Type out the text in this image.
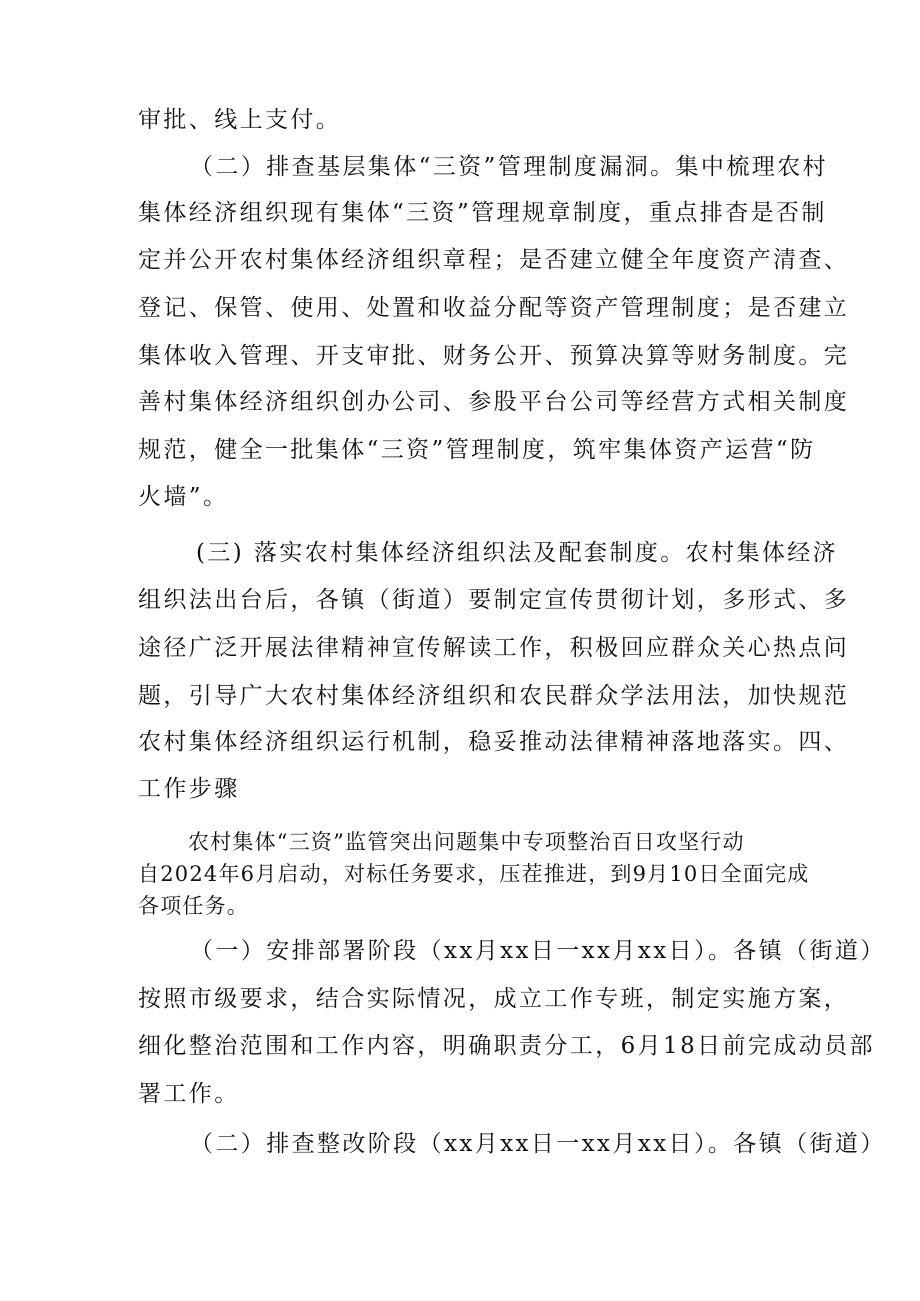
审批、线上支付。

（二）排查基层集体“三资”管理制度漏洞。集中梳理农村

集体经济组织现有集体“三资”管理规章制度，重点排杳是否制

定并公开农村集体经济组织章程；是否建立健全年度资产清查、

登记、保管、使用、处置和收益分配等资产管理制度；是否建立

集体收入管理、开支审批、财务公开、预算决算等财务制度。完

善村集体经济组织创办公司、参股平台公司等经营方式相关制度

规范，健全一批集体“三资”管理制度，筑牢集体资产运营“防

火墙”。

(三) 落实农村集体经济组织法及配套制度。农村集体经济

组织法出台后，各镇（街道）要制定宣传贯彻计划，多形式、多

途径广泛开展法律精神宣传解读工作，积极回应群众关心热点问

题，引导广大农村集体经济组织和农民群众学法用法，加快规范

农村集体经济组织运行机制，稳妥推动法律精神落地落实。四、

工作步骤

农村集体“三资”监管突出问题集中专项整治百日攻坚行动

自2024年6月启动，对标任务要求，压茬推进，到9月10日全面完成

各项任务。

（一）安排部署阶段（xx月xx日一xx月xx日）。各镇（街道）

按照市级要求，结合实际情况，成立工作专班，制定实施方案，

细化整治范围和工作内容，明确职责分工，6月18日前完成动员部

署工作。

（二）排查整改阶段（xx月xx日一xx月xx日）。各镇（街道）
